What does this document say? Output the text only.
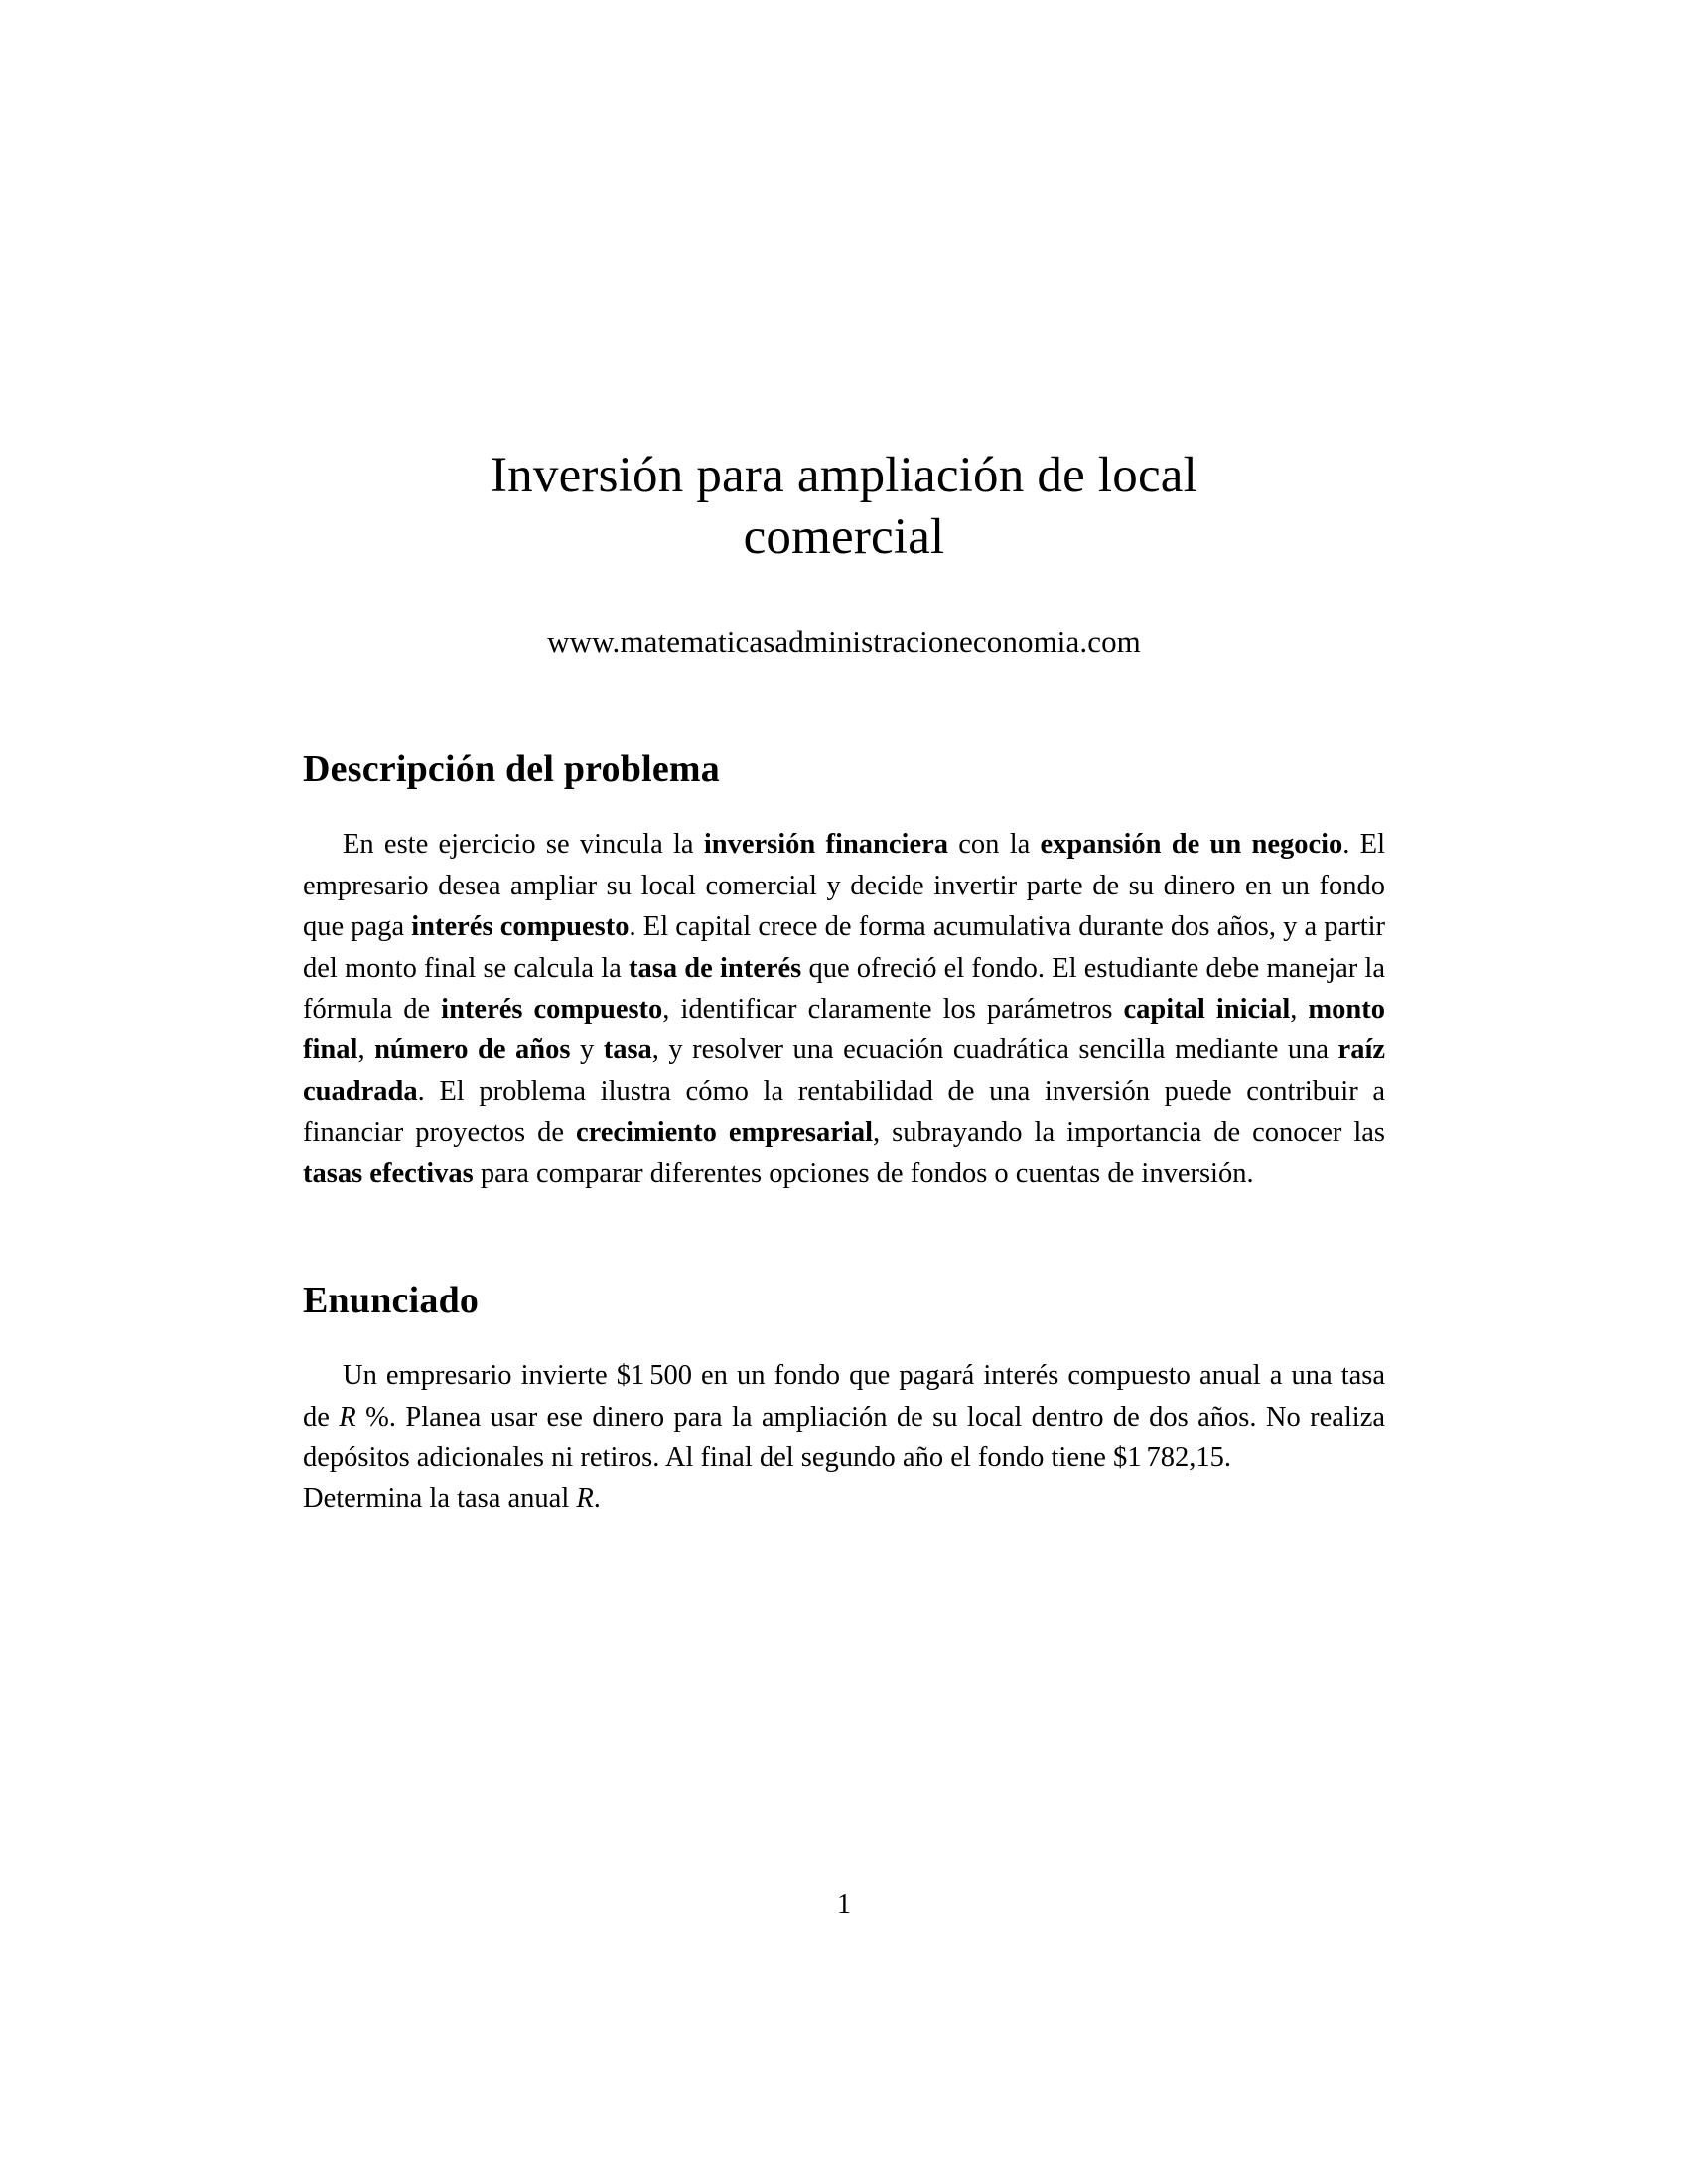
Inversión para ampliación de local
comercial

www.matematicasadministracioneconomia.com

Descripción del problema

En este ejercicio se vincula la inversión financiera con la expansión de un negocio. El empresario desea ampliar su local comercial y decide invertir parte de su dinero en un fondo que paga interés compuesto. El capital crece de forma acumulativa durante dos años, y a partir del monto final se calcula la tasa de interés que ofreció el fondo. El estudiante debe manejar la fórmula de interés compuesto, identificar claramente los parámetros capital inicial, monto final, número de años y tasa, y resolver una ecuación cuadrática sencilla mediante una raíz cuadrada. El problema ilustra cómo la rentabilidad de una inversión puede contribuir a financiar proyectos de crecimiento empresarial, subrayando la importancia de conocer las tasas efectivas para comparar diferentes opciones de fondos o cuentas de inversión.

Enunciado

Un empresario invierte $1 500 en un fondo que pagará interés compuesto anual a una tasa de R %. Planea usar ese dinero para la ampliación de su local dentro de dos años. No realiza depósitos adicionales ni retiros. Al final del segundo año el fondo tiene $1 782,15.

Determina la tasa anual R.

1
